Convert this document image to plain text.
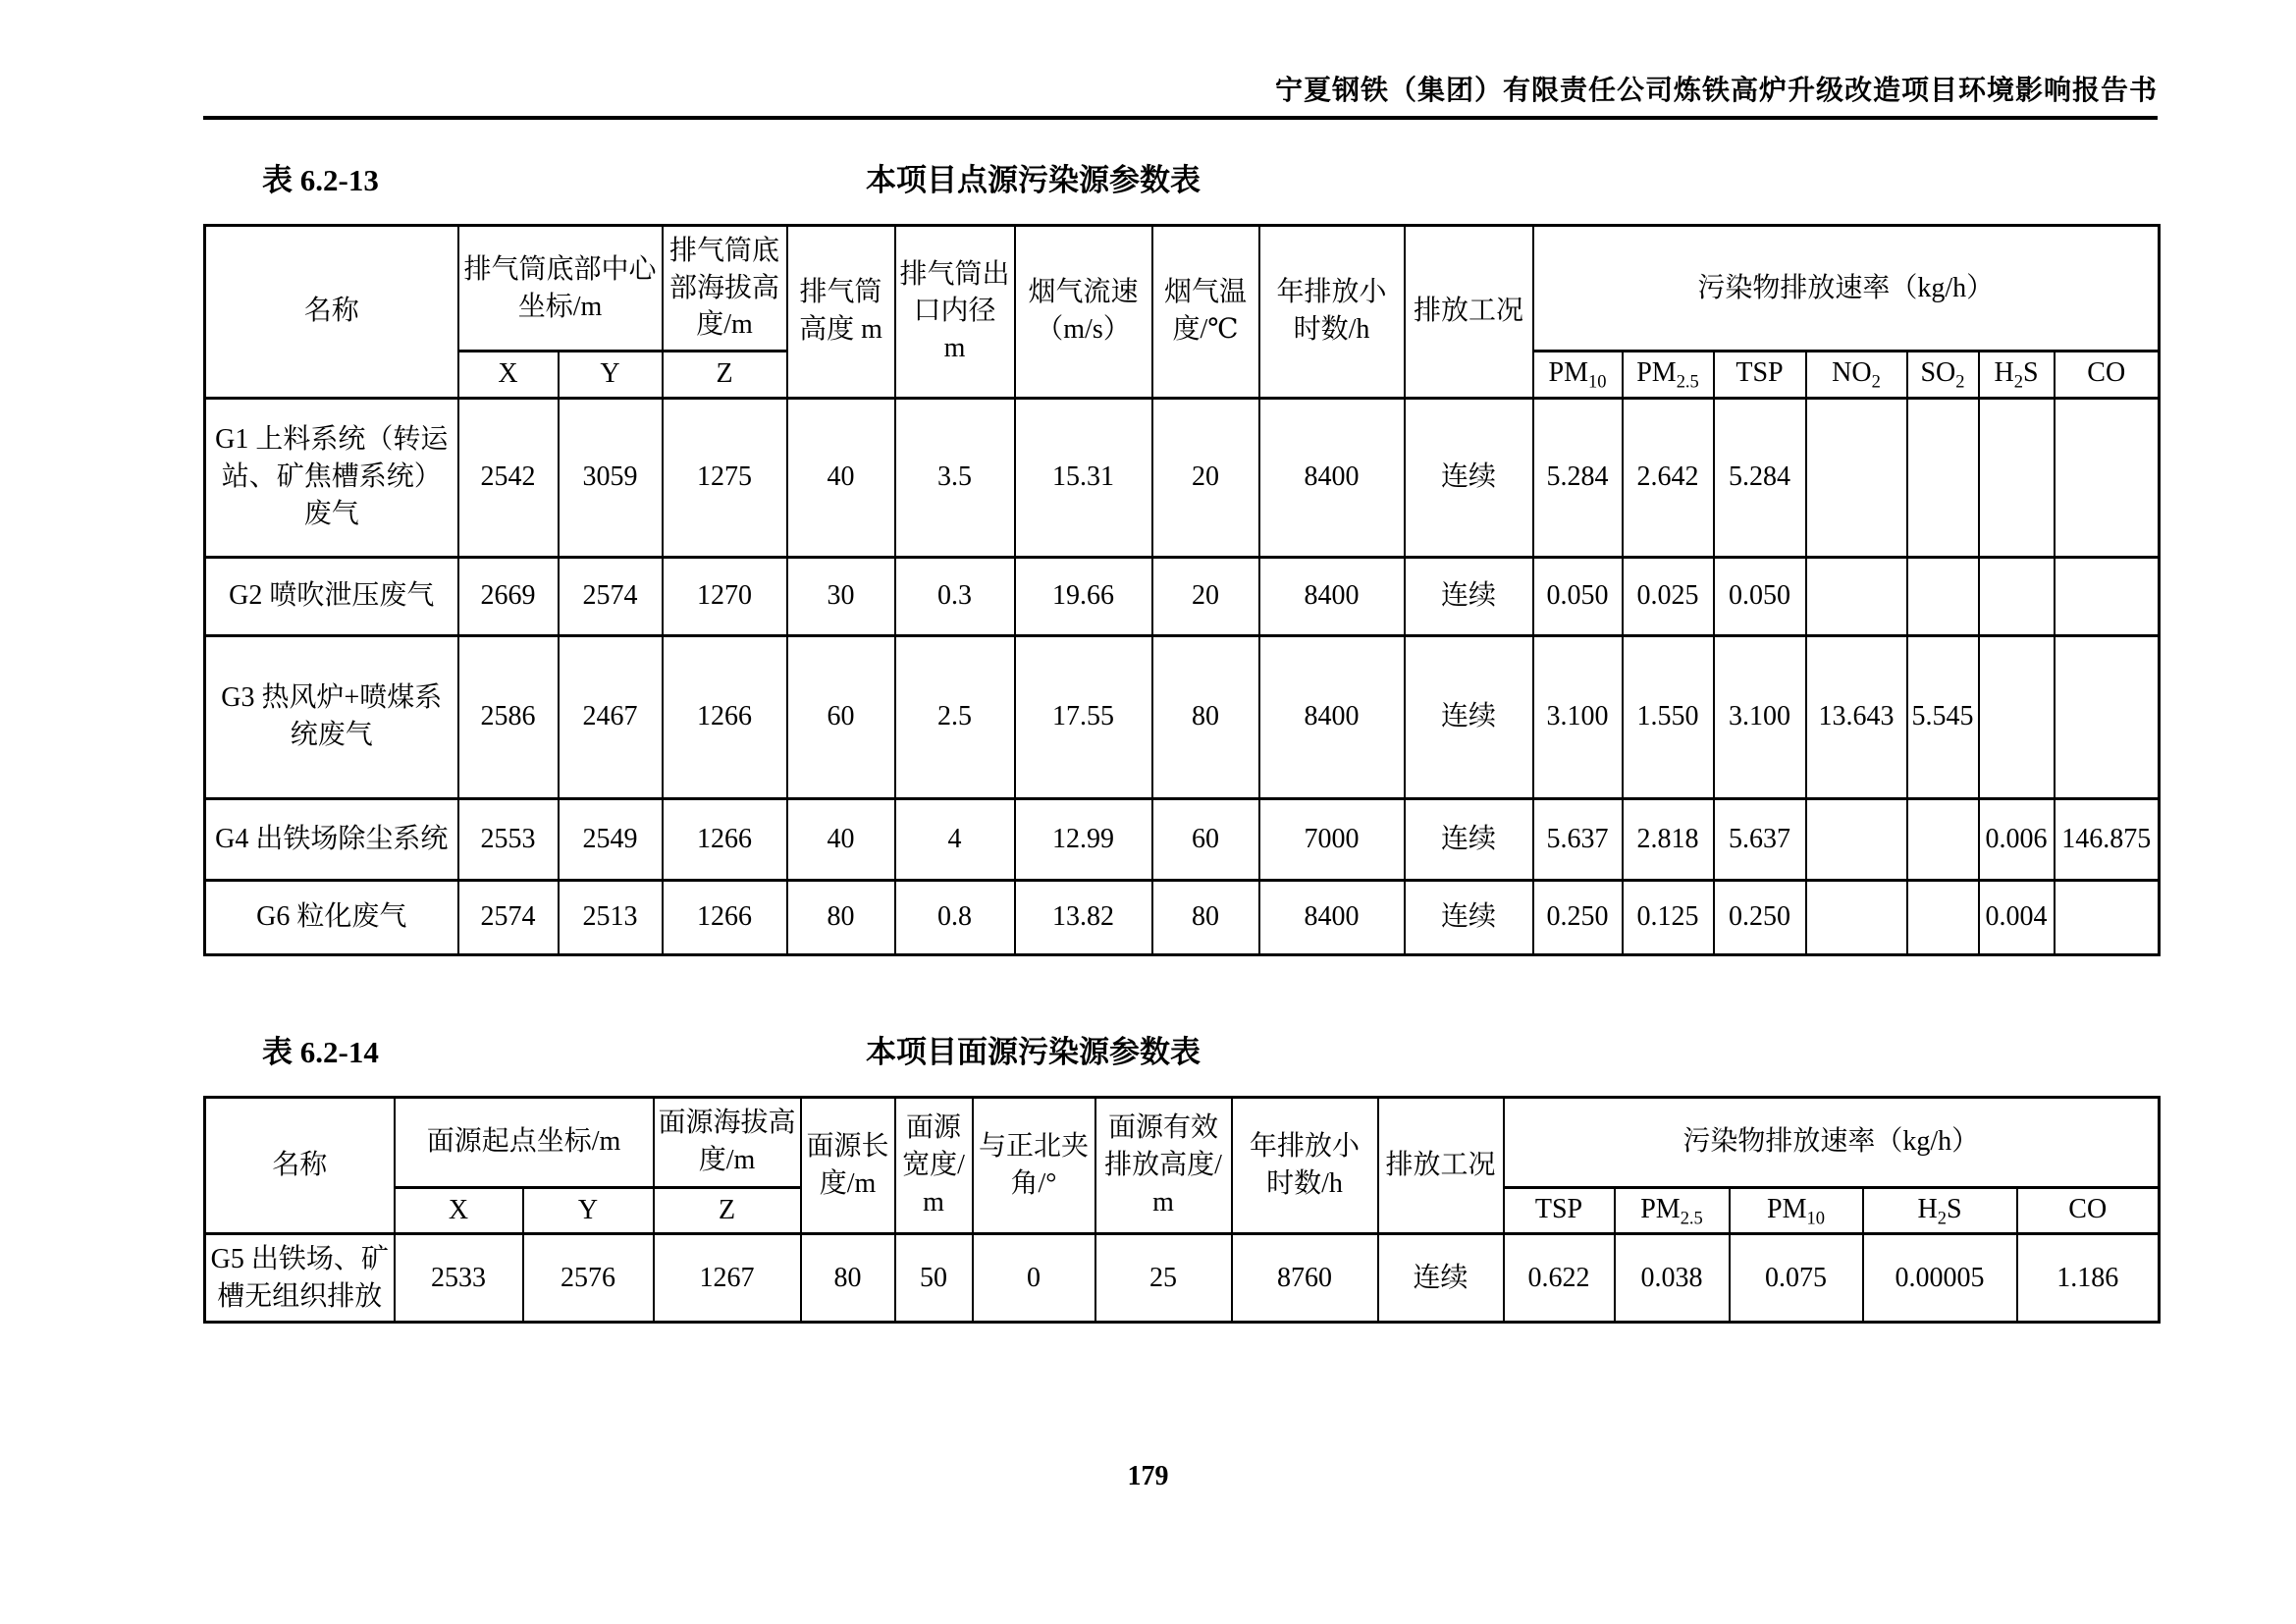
宁夏钢铁（集团）有限责任公司炼铁高炉升级改造项目环境影响报告书
表 6.2-13	本项目点源污染源参数表
名称	排气筒底部中心坐标/m		排气筒底部海拔高度/m	排气筒高度 m	排气筒出口内径 m	烟气流速（m/s）	烟气温度/℃	年排放小时数/h	排放工况	污染物排放速率（kg/h）						
	X	Y	Z							$PM_{10}$	$PM_{2.5}$	TSP	$NO_2$	$SO_2$	$H_2S$	CO
G1 上料系统（转运站、矿焦槽系统）废气	2542	3059	1275	40	3.5	15.31	20	8400	连续	5.284	2.642	5.284				
G2 喷吹泄压废气	2669	2574	1270	30	0.3	19.66	20	8400	连续	0.050	0.025	0.050				
G3 热风炉+喷煤系统废气	2586	2467	1266	60	2.5	17.55	80	8400	连续	3.100	1.550	3.100	13.643	5.545		
G4 出铁场除尘系统	2553	2549	1266	40	4	12.99	60	7000	连续	5.637	2.818	5.637			0.006	146.875
G6 粒化废气	2574	2513	1266	80	0.8	13.82	80	8400	连续	0.250	0.125	0.250			0.004	
表 6.2-14	本项目面源污染源参数表
名称	面源起点坐标/m		面源海拔高度/m	面源长度/m	面源宽度/m	与正北夹角/°	面源有效排放高度/m	年排放小时数/h	排放工况	污染物排放速率（kg/h）				
	X	Y	Z							TSP	$PM_{2.5}$	$PM_{10}$	$H_2S$	CO
G5 出铁场、矿槽无组织排放	2533	2576	1267	80	50	0	25	8760	连续	0.622	0.038	0.075	0.00005	1.186
179
